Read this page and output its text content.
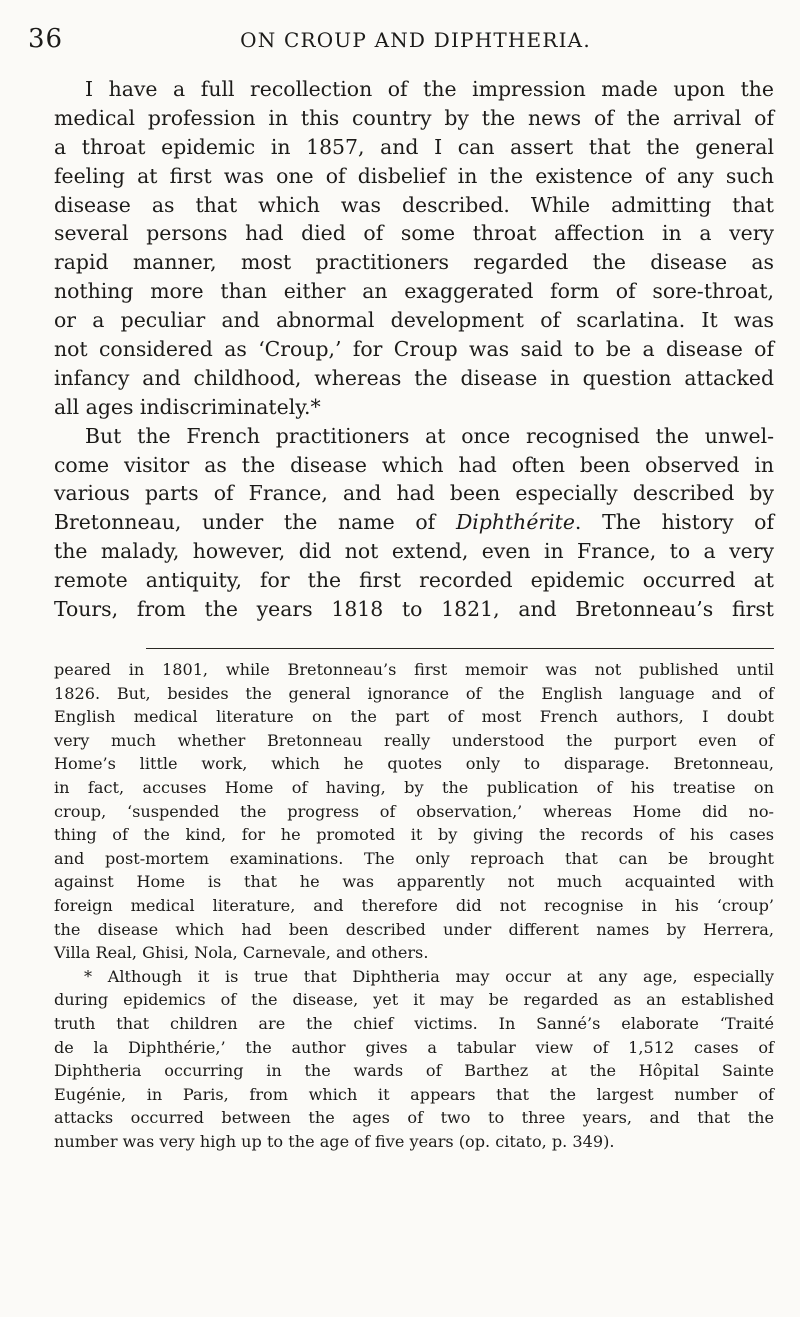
36	ON CROUP AND DIPHTHERIA.
I have a full recollection of the impression made upon the
medical profession in this country by the news of the arrival of
a throat epidemic in 1857, and I can assert that the general
feeling at first was one of disbelief in the existence of any such
disease as that which was described. While admitting that
several persons had died of some throat affection in a very
rapid manner, most practitioners regarded the disease as
nothing more than either an exaggerated form of sore-throat,
or a peculiar and abnormal development of scarlatina. It was
not considered as ‘Croup,’ for Croup was said to be a disease of
infancy and childhood, whereas the disease in question attacked
all ages indiscriminately.*
But the French practitioners at once recognised the unwel-
come visitor as the disease which had often been observed in
various parts of France, and had been especially described by
Bretonneau, under the name of Diphthérite. The history of
the malady, however, did not extend, even in France, to a very
remote antiquity, for the first recorded epidemic occurred at
Tours, from the years 1818 to 1821, and Bretonneau’s first
peared in 1801, while Bretonneau’s first memoir was not published until
1826. But, besides the general ignorance of the English language and of
English medical literature on the part of most French authors, I doubt
very much whether Bretonneau really understood the purport even of
Home’s little work, which he quotes only to disparage. Bretonneau,
in fact, accuses Home of having, by the publication of his treatise on
croup, ‘suspended the progress of observation,’ whereas Home did no-
thing of the kind, for he promoted it by giving the records of his cases
and post-mortem examinations. The only reproach that can be brought
against Home is that he was apparently not much acquainted with
foreign medical literature, and therefore did not recognise in his ‘croup’
the disease which had been described under different names by Herrera,
Villa Real, Ghisi, Nola, Carnevale, and others.
* Although it is true that Diphtheria may occur at any age, especially
during epidemics of the disease, yet it may be regarded as an established
truth that children are the chief victims. In Sanné’s elaborate ‘Traité
de la Diphthérie,’ the author gives a tabular view of 1,512 cases of
Diphtheria occurring in the wards of Barthez at the Hôpital Sainte
Eugénie, in Paris, from which it appears that the largest number of
attacks occurred between the ages of two to three years, and that the
number was very high up to the age of five years (op. citato, p. 349).
